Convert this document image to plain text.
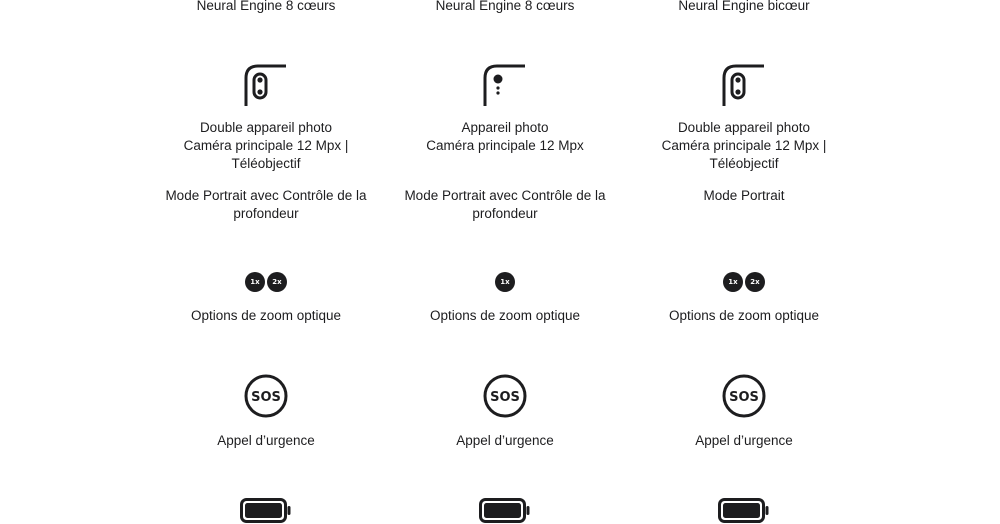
Neural Engine 8 cœurs
Double appareil photo
Caméra principale 12 Mpx |
Téléobjectif
Mode Portrait avec Contrôle de la
profondeur
1x	2x
Options de zoom optique
SOS
Appel d’urgence
Neural Engine 8 cœurs
Appareil photo
Caméra principale 12 Mpx
Mode Portrait avec Contrôle de la
profondeur
1x
Options de zoom optique
SOS
Appel d’urgence
Neural Engine bicœur
Double appareil photo
Caméra principale 12 Mpx |
Téléobjectif
Mode Portrait
1x	2x
Options de zoom optique
SOS
Appel d’urgence
